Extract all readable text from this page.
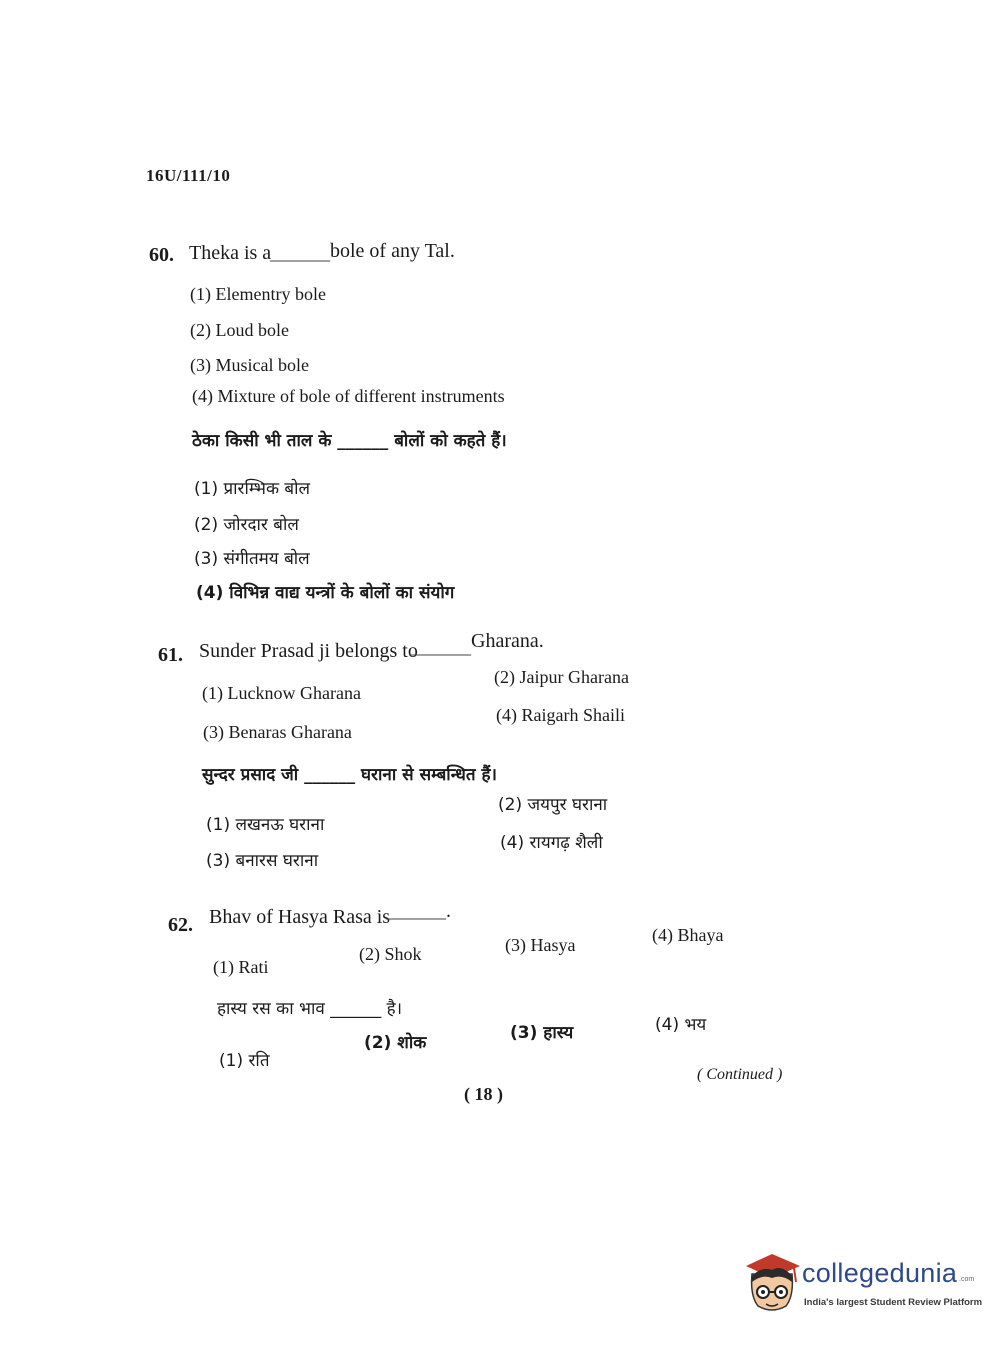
16U/111/10
60. Theka is a
______ bole of any Tal.
(1) Elementry bole
(2) Loud bole
(3) Musical bole
(4) Mixture of bole of different instruments
ठेका किसी भी ताल के ______ बोलों को कहते हैं।
(1) प्रारम्भिक बोल
(2) जोरदार बोल
(3) संगीतमय बोल
(4) विभिन्न वाद्य यन्त्रों के बोलों का संयोग
61. Sunder Prasad ji belongs to
______ Gharana.
(1) Lucknow Gharana
(2) Jaipur Gharana
(3) Benaras Gharana
(4) Raigarh Shaili
सुन्दर प्रसाद जी ______ घराना से सम्बन्धित हैं।
(1) लखनऊ घराना
(2) जयपुर घराना
(3) बनारस घराना
(4) रायगढ़ शैली
62. Bhav of Hasya Rasa is
______ .
(1) Rati
(2) Shok	(3) Hasya	(4) Bhaya
हास्य रस का भाव ______ है।
(1) रति
(2) शोक	(3) हास्य	(4) भय
( Continued )
( 18 )
collegedunia .com
India's largest Student Review Platform
